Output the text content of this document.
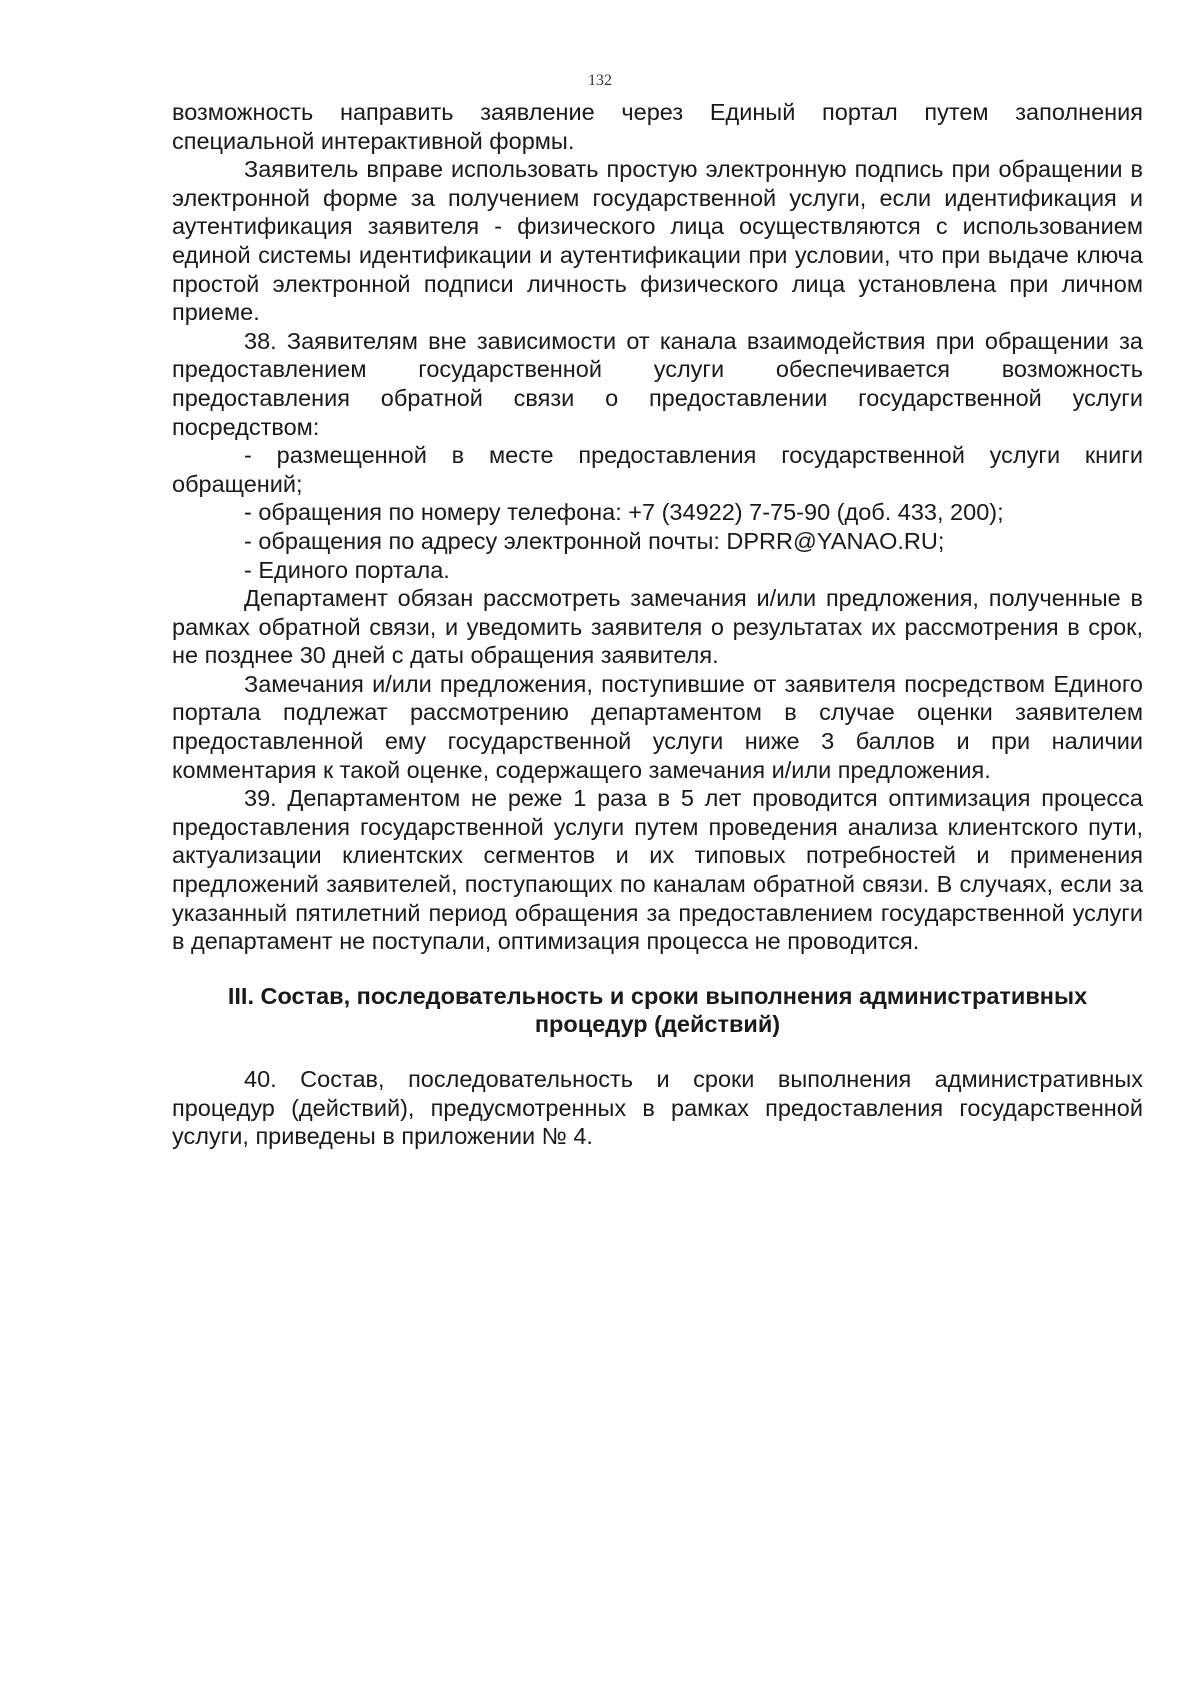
132

возможность направить заявление через Единый портал путем заполнения специальной интерактивной формы.

Заявитель вправе использовать простую электронную подпись при обращении в электронной форме за получением государственной услуги, если идентификация и аутентификация заявителя - физического лица осуществляются с использованием единой системы идентификации и аутентификации при условии, что при выдаче ключа простой электронной подписи личность физического лица установлена при личном приеме.

38. Заявителям вне зависимости от канала взаимодействия при обращении за предоставлением государственной услуги обеспечивается возможность предоставления обратной связи о предоставлении государственной услуги посредством:

- размещенной в месте предоставления государственной услуги книги обращений;

- обращения по номеру телефона: +7 (34922) 7-75-90 (доб. 433, 200);

- обращения по адресу электронной почты: DPRR@YANAO.RU;

- Единого портала.

Департамент обязан рассмотреть замечания и/или предложения, полученные в рамках обратной связи, и уведомить заявителя о результатах их рассмотрения в срок, не позднее 30 дней с даты обращения заявителя.

Замечания и/или предложения, поступившие от заявителя посредством Единого портала подлежат рассмотрению департаментом в случае оценки заявителем предоставленной ему государственной услуги ниже 3 баллов и при наличии комментария к такой оценке, содержащего замечания и/или предложения.

39. Департаментом не реже 1 раза в 5 лет проводится оптимизация процесса предоставления государственной услуги путем проведения анализа клиентского пути, актуализации клиентских сегментов и их типовых потребностей и применения предложений заявителей, поступающих по каналам обратной связи. В случаях, если за указанный пятилетний период обращения за предоставлением государственной услуги в департамент не поступали, оптимизация процесса не проводится.

III. Состав, последовательность и сроки выполнения административных процедур (действий)

40. Состав, последовательность и сроки выполнения административных процедур (действий), предусмотренных в рамках предоставления государственной услуги, приведены в приложении № 4.
